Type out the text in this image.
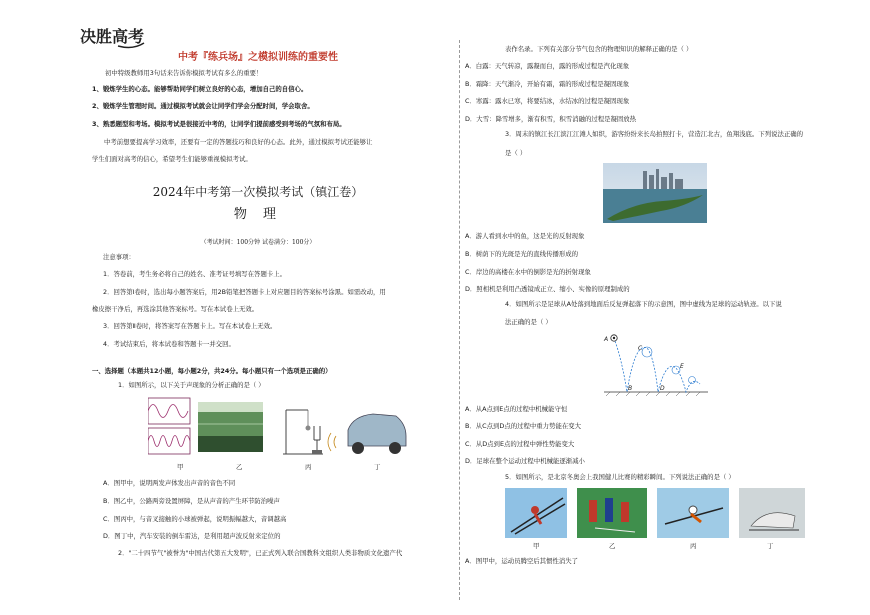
决胜高考
中考『练兵场』之模拟训练的重要性
初中特级教师用3句话来告诉你模拟考试有多么的重要！
1、锻炼学生的心态。能够帮助同学们树立良好的心态，增加自己的自信心。
2、锻炼学生管理时间。通过模拟考试就会让同学们学会分配时间，学会取舍。
3、熟悉题型和考场。模拟考试是很接近中考的，让同学们提前感受到考场的气氛和布局。
中考前想要提高学习效率，还要有一定的答题技巧和良好的心态。此外，通过模拟考试还能够让
学生们面对高考的信心，希望考生们能够重视模拟考试。
2024年中考第一次模拟考试（镇江卷）
物 理
（考试时间：100分钟 试卷满分：100分）
注意事项：
1．答卷前，考生务必将自己的姓名、准考证号填写在答题卡上。
2．回答第Ⅰ卷时，选出每小题答案后，用2B铅笔把答题卡上对应题目的答案标号涂黑。如需改动，用
橡皮擦干净后，再选涂其他答案标号。写在本试卷上无效。
3．回答第Ⅱ卷时，将答案写在答题卡上。写在本试卷上无效。
4．考试结束后，将本试卷和答题卡一并交回。
一、选择题（本题共12小题，每小题2分，共24分。每小题只有一个选项是正确的）
1．如图所示，以下关于声现象的分析正确的是（ ）
甲	乙	丙	丁
A．图甲中，说明两发声体发出声音的音色不同
B．图乙中，公路两旁设置屏障，是从声音的产生环节防治噪声
C．图丙中，与音叉接触的小球被弹起，说明振幅越大，音调越高
D．图丁中，汽车安装的倒车雷达，是利用超声波反射来定位的
2．"二十四节气"被誉为"中国古代第五大发明"，已正式列入联合国教科文组织人类非物质文化遗产代
表作名录。下列有关部分节气包含的物理知识的解释正确的是（ ）
A．白露：天气转凉，露凝而白，露的形成过程是汽化现象
B．霜降：天气渐冷，开始有霜，霜的形成过程是凝固现象
C．寒露：露水已寒，将要结冰，水结冰的过程是凝固现象
D．大雪：降雪增多，渐有积雪，积雪消融的过程是凝固放热
3．周末的镇江长江滨江江滩人如织，游客纷纷来长岛拍照打卡，营造江北古，鱼翔浅底。下列说法正确的
是（ ）
A．游人看到水中的鱼，这是光的反射现象
B．树荫下的光斑是光的直线传播形成的
C．岸边的高楼在水中的倒影是光的折射现象
D．照相机是利用凸透镜成正立、缩小、实像的原理制成的
4．如图所示是足球从A处落到地面后反复弹起落下的示意图，图中虚线为足球的运动轨迹。以下说
法正确的是（ ）
A
B
C
D
E
A．从A点到E点的过程中机械能守恒
B．从C点到D点的过程中重力势能在变大
C．从D点到E点的过程中弹性势能变大
D．足球在整个运动过程中机械能逐渐减小
5．如图所示，是北京冬奥会上我国健儿比赛的精彩瞬间。下列说法正确的是（ ）
甲	乙	丙	丁
A．图甲中，运动员腾空后其惯性消失了
